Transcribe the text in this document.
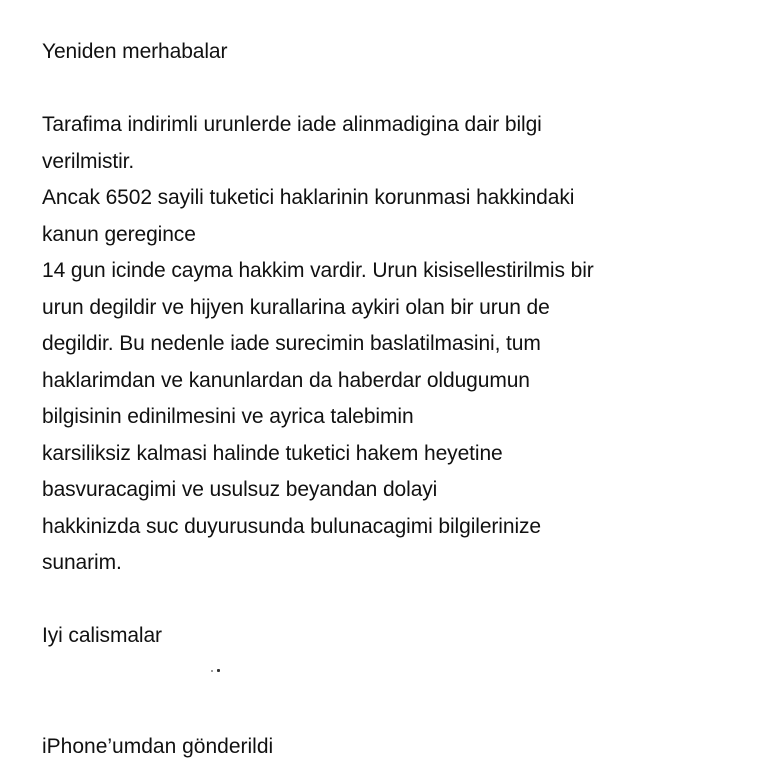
Yeniden merhabalar
Tarafima indirimli urunlerde iade alinmadigina dair bilgi
verilmistir.
Ancak 6502 sayili tuketici haklarinin korunmasi hakkindaki
kanun geregince
14 gun icinde cayma hakkim vardir. Urun kisisellestirilmis bir
urun degildir ve hijyen kurallarina aykiri olan bir urun de
degildir. Bu nedenle iade surecimin baslatilmasini, tum
haklarimdan ve kanunlardan da haberdar oldugumun
bilgisinin edinilmesini ve ayrica talebimin
karsiliksiz kalmasi halinde tuketici hakem heyetine
basvuracagimi ve usulsuz beyandan dolayi
hakkinizda suc duyurusunda bulunacagimi bilgilerinize
sunarim.
Iyi calismalar
iPhone’umdan gönderildi
